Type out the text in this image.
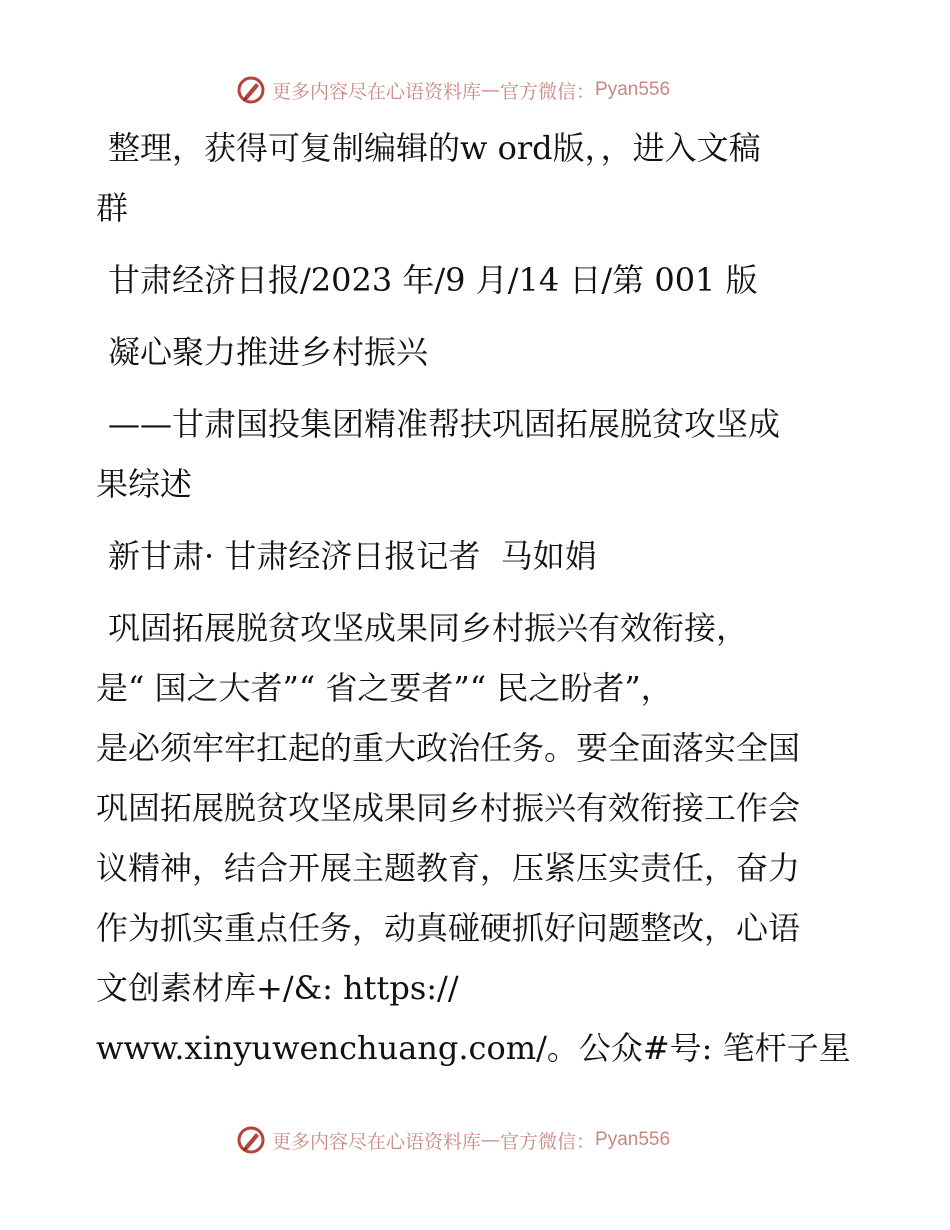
更多内容尽在心语资料库 — 官方微信 ： Pyan556

整理，获得可复制编辑的w ord版，，进入文稿

群

甘肃经济日报/2023 年/9 月/14 日/第 001 版

凝心聚力推进乡村振兴

——甘肃国投集团精准帮扶巩固拓展脱贫攻坚成

果综述

新甘肃· 甘肃经济日报记者  马如娟

巩固拓展脱贫攻坚成果同乡村振兴有效衔接，

是“ 国之大者”“ 省之要者”“ 民之盼者”，

是必须牢牢扛起的重大政治任务。要全面落实全国

巩固拓展脱贫攻坚成果同乡村振兴有效衔接工作会

议精神，结合开展主题教育，压紧压实责任，奋力

作为抓实重点任务，动真碰硬抓好问题整改，心语

文创素材库+/&: https://

www.xinyuwenchuang.com/。公众#号: 笔杆子星

更多内容尽在心语资料库 — 官方微信 ： Pyan556
